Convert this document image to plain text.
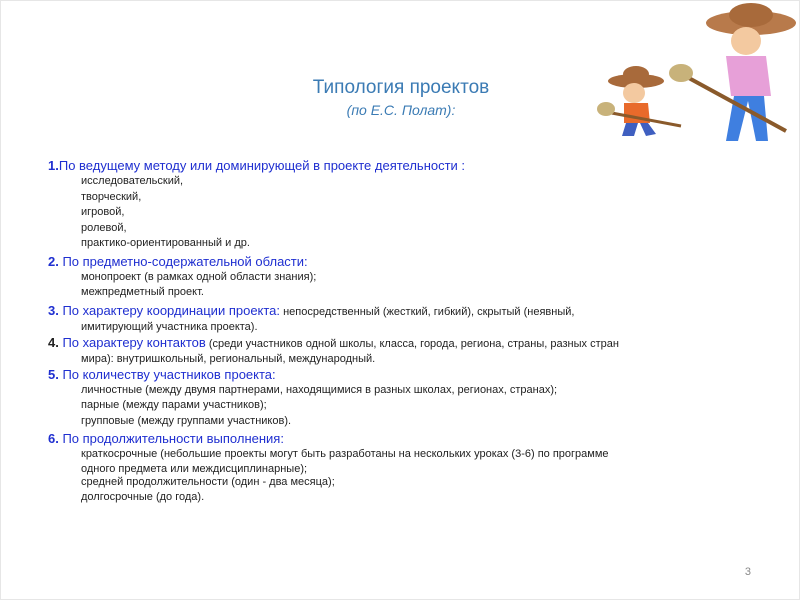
Типология проектов
(по Е.С. Полат):
1.По ведущему методу или доминирующей в проекте деятельности :
исследовательский,
творческий,
игровой,
ролевой,
практико-ориентированный и др.
2. По предметно-содержательной области:
монопроект (в рамках одной области знания);
межпредметный проект.
3. По характеру координации проекта: непосредственный (жесткий, гибкий), скрытый (неявный,
имитирующий участника проекта).
4. По характеру контактов (среди участников одной школы, класса, города, региона, страны, разных стран
мира): внутришкольный, региональный, международный.
5. По количеству участников проекта:
личностные (между двумя партнерами, находящимися в разных школах, регионах, странах);
парные (между парами участников);
групповые (между группами участников).
6. По продолжительности выполнения:
краткосрочные (небольшие проекты могут быть разработаны на нескольких уроках (3-6) по программе
одного предмета или междисциплинарные);
средней продолжительности (один - два месяца);
долгосрочные (до года).
3
